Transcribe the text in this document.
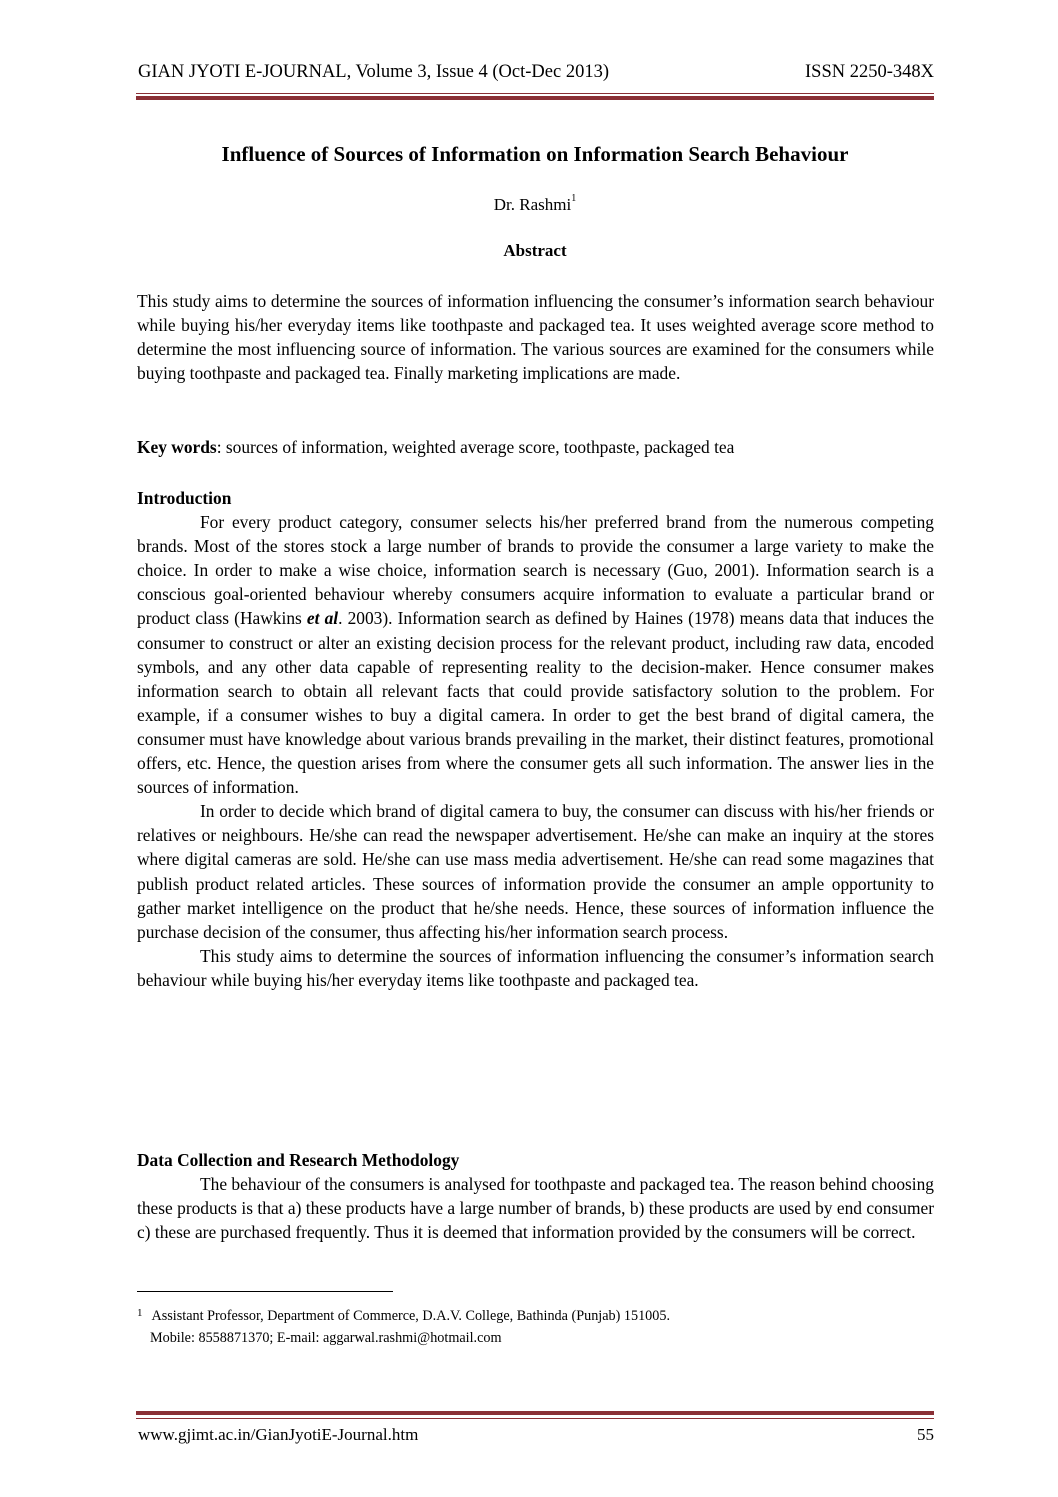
GIAN JYOTI E-JOURNAL, Volume 3, Issue 4 (Oct-Dec 2013)	ISSN 2250-348X
Influence of Sources of Information on Information Search Behaviour
Dr. Rashmi$^1$
Abstract

This study aims to determine the sources of information influencing the consumer’s information search behaviour while buying his/her everyday items like toothpaste and packaged tea. It uses weighted average score method to determine the most influencing source of information. The various sources are examined for the consumers while buying toothpaste and packaged tea. Finally marketing implications are made.

Key words: sources of information, weighted average score, toothpaste, packaged tea

Introduction

For every product category, consumer selects his/her preferred brand from the numerous competing brands. Most of the stores stock a large number of brands to provide the consumer a large variety to make the choice. In order to make a wise choice, information search is necessary (Guo, 2001). Information search is a conscious goal-oriented behaviour whereby consumers acquire information to evaluate a particular brand or product class (Hawkins et al. 2003). Information search as defined by Haines (1978) means data that induces the consumer to construct or alter an existing decision process for the relevant product, including raw data, encoded symbols, and any other data capable of representing reality to the decision-maker. Hence consumer makes information search to obtain all relevant facts that could provide satisfactory solution to the problem. For example, if a consumer wishes to buy a digital camera. In order to get the best brand of digital camera, the consumer must have knowledge about various brands prevailing in the market, their distinct features, promotional offers, etc. Hence, the question arises from where the consumer gets all such information. The answer lies in the sources of information.

In order to decide which brand of digital camera to buy, the consumer can discuss with his/her friends or relatives or neighbours. He/she can read the newspaper advertisement. He/she can make an inquiry at the stores where digital cameras are sold. He/she can use mass media advertisement. He/she can read some magazines that publish product related articles. These sources of information provide the consumer an ample opportunity to gather market intelligence on the product that he/she needs. Hence, these sources of information influence the purchase decision of the consumer, thus affecting his/her information search process.

This study aims to determine the sources of information influencing the consumer’s information search behaviour while buying his/her everyday items like toothpaste and packaged tea.

Data Collection and Research Methodology

The behaviour of the consumers is analysed for toothpaste and packaged tea. The reason behind choosing these products is that a) these products have a large number of brands, b) these products are used by end consumer c) these are purchased frequently. Thus it is deemed that information provided by the consumers will be correct.

$^1$ Assistant Professor, Department of Commerce, D.A.V. College, Bathinda (Punjab) 151005.
Mobile: 8558871370; E-mail: aggarwal.rashmi@hotmail.com
www.gjimt.ac.in/GianJyotiE-Journal.htm	55
